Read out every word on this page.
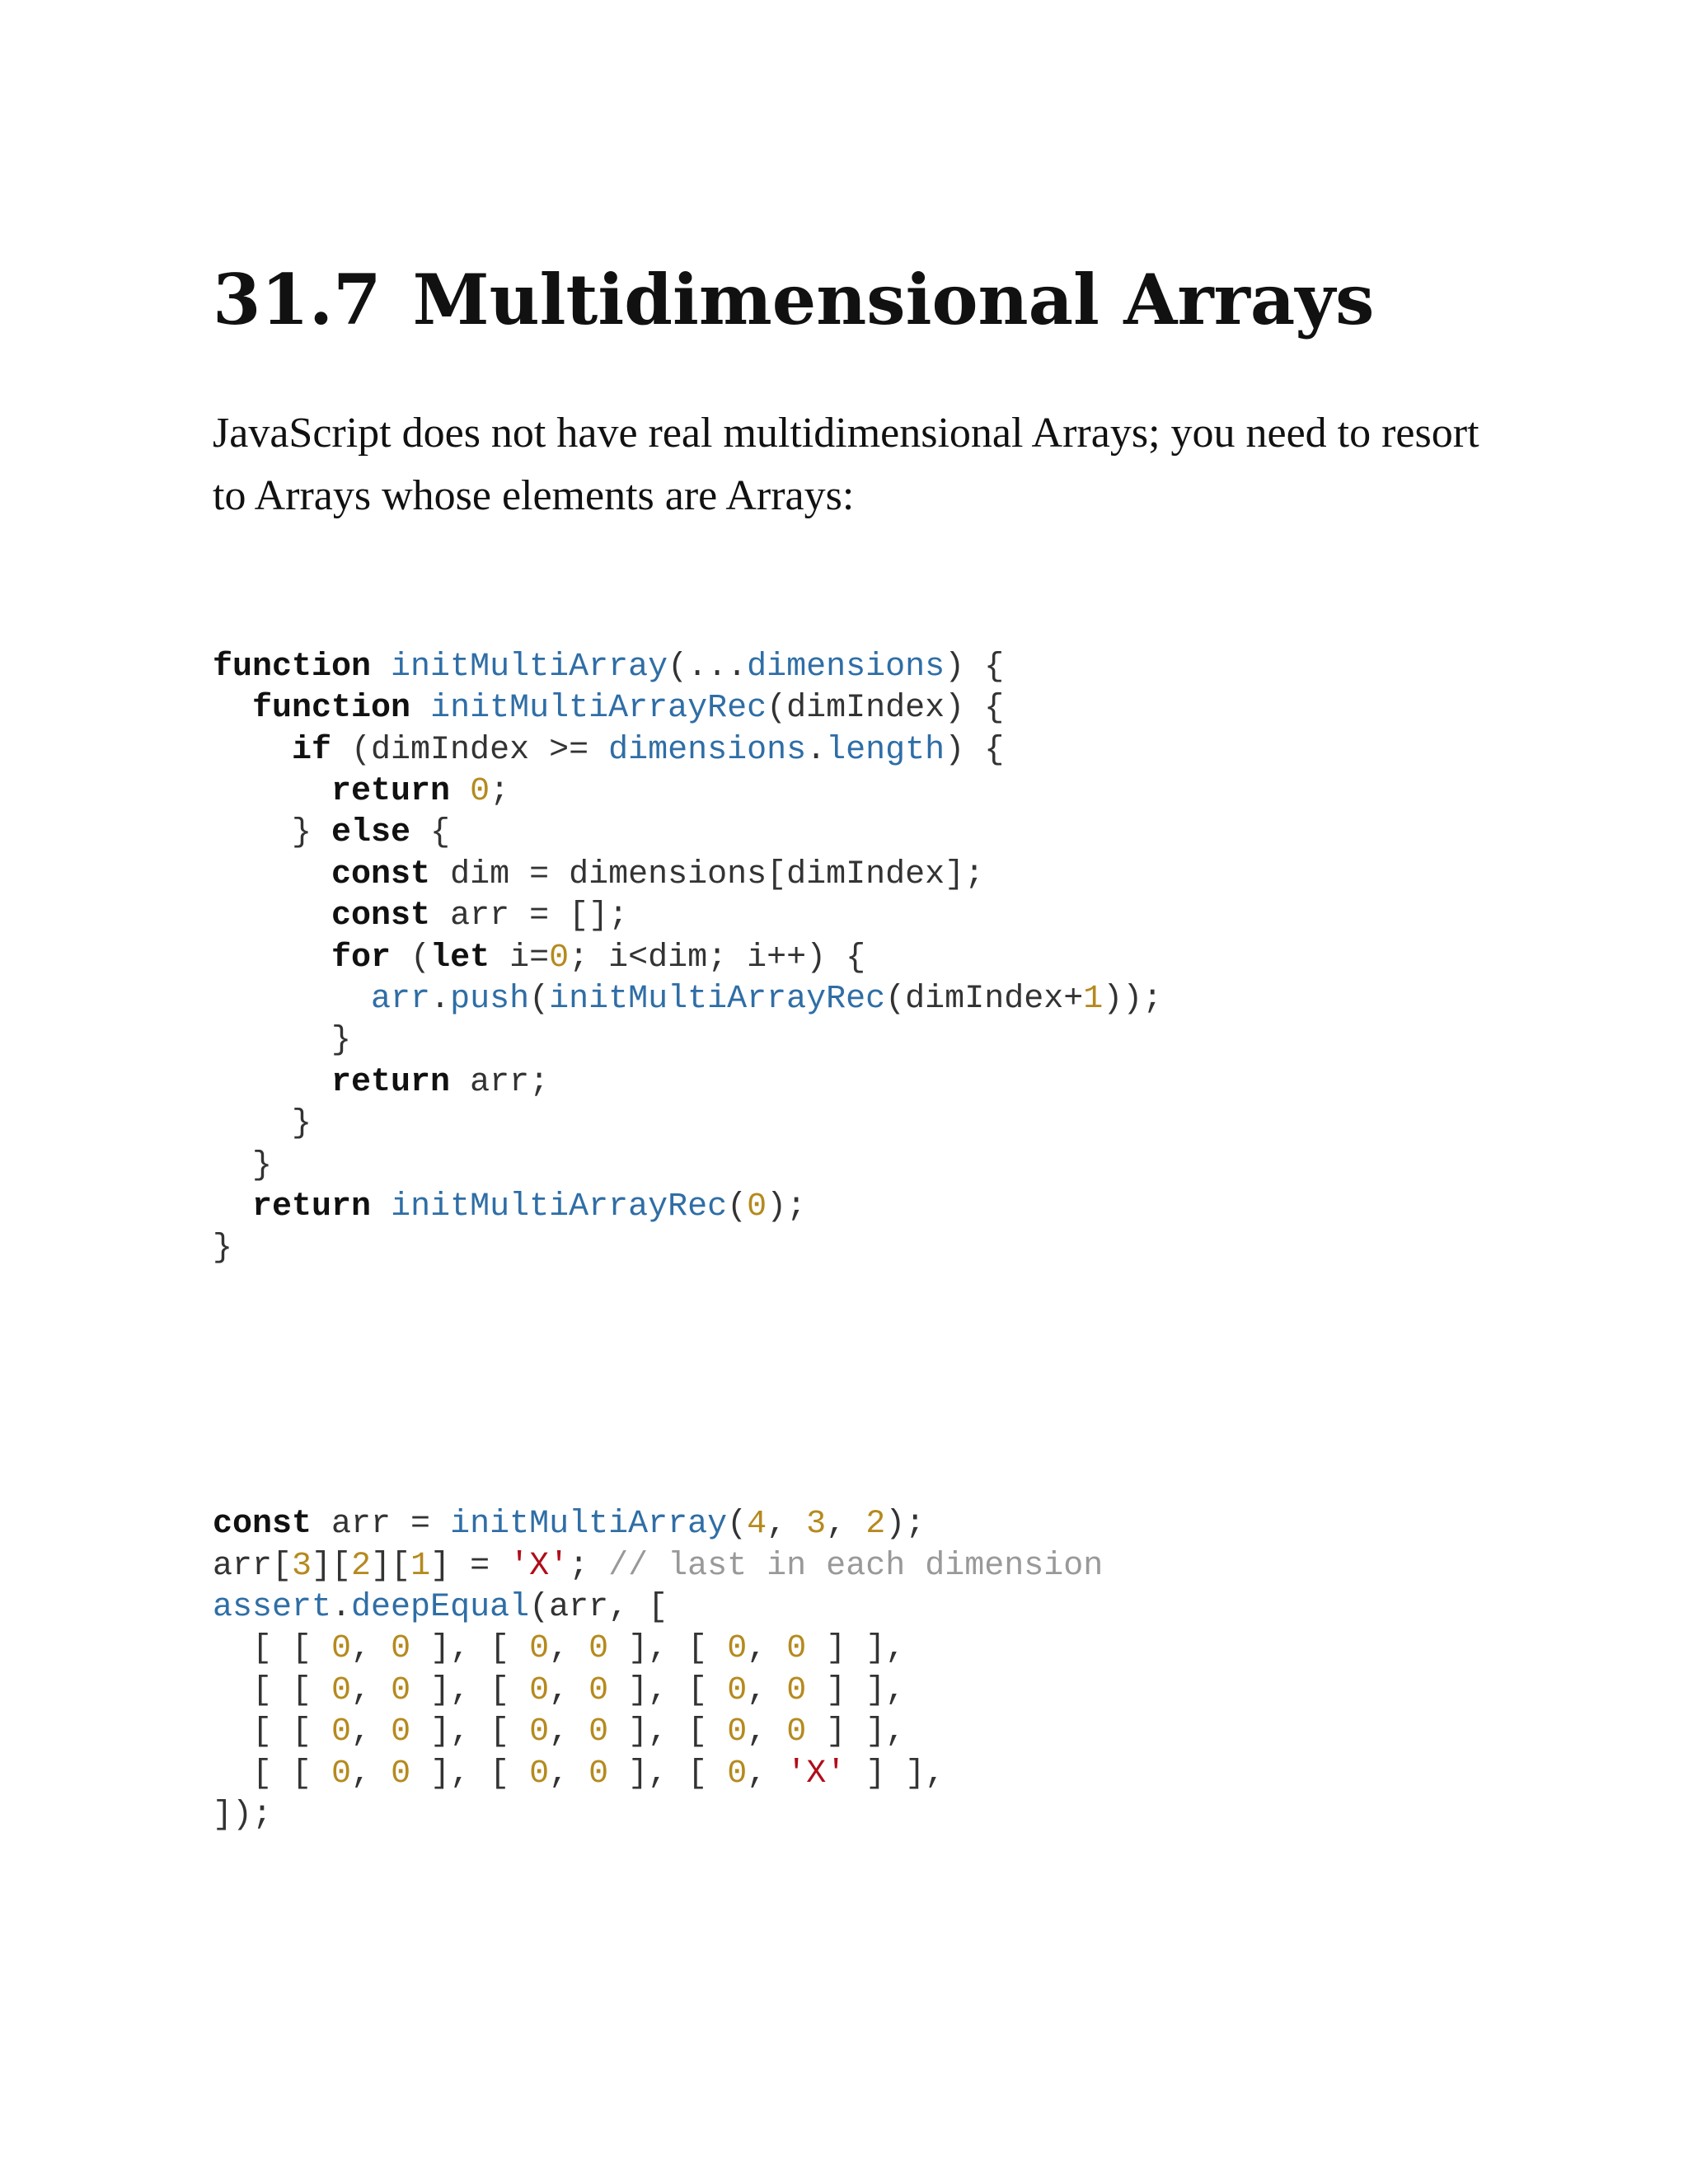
31.7 Multidimensional Arrays

JavaScript does not have real multidimensional Arrays; you need to resort to Arrays whose elements are Arrays:

function initMultiArray(...dimensions) {
function initMultiArrayRec(dimIndex) {
if (dimIndex >= dimensions.length) {
return 0;
} else {
const dim = dimensions[dimIndex];
const arr = [];
for (let i=0; i<dim; i++) {
arr.push(initMultiArrayRec(dimIndex+1));
}
return arr;
}
}
return initMultiArrayRec(0);
}

const arr = initMultiArray(4, 3, 2);
arr[3][2][1] = 'X'; // last in each dimension
assert.deepEqual(arr, [
[ [ 0, 0 ], [ 0, 0 ], [ 0, 0 ] ],
[ [ 0, 0 ], [ 0, 0 ], [ 0, 0 ] ],
[ [ 0, 0 ], [ 0, 0 ], [ 0, 0 ] ],
[ [ 0, 0 ], [ 0, 0 ], [ 0, 'X' ] ],
]);
